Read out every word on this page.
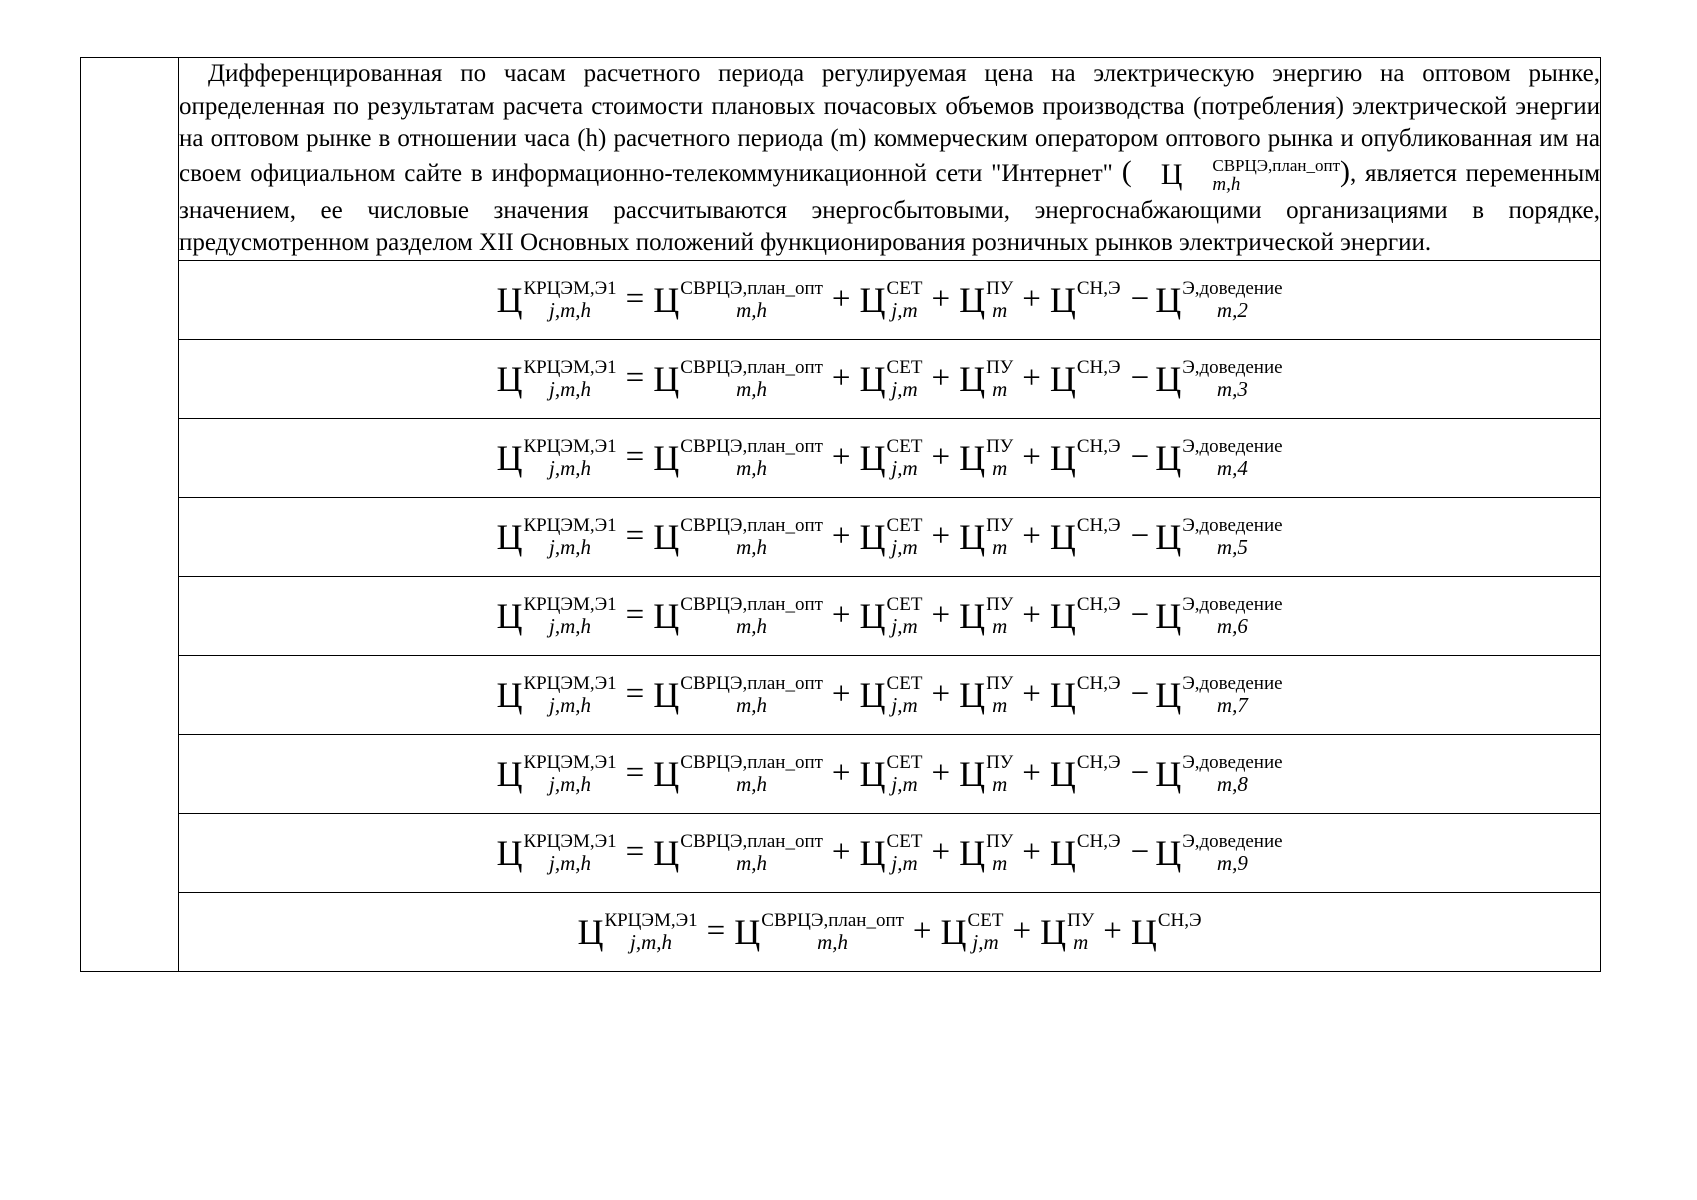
Дифференцированная по часам расчетного периода регулируемая цена на электрическую энергию на оптовом рынке, определенная по результатам расчета стоимости плановых почасовых объемов производства (потребления) электрической энергии на оптовом рынке в отношении часа (h) расчетного периода (m) коммерческим оператором оптового рынка и опубликованная им на своем официальном сайте в информационно-телекоммуникационной сети "Интернет" ( Ц	СВРЦЭ,план_опт
m,h	), является переменным значением, ее числовые значения рассчитываются энергосбытовыми, энергоснабжающими организациями в порядке, предусмотренном разделом XII Основных положений функционирования розничных рынков электрической энергии.

Ц КРЦЭМ,Э1
j,m,h	= Ц СВРЦЭ,план_опт
m,h	+ Ц СЕТ
j,m + Ц ПУ
m + Ц СН,Э
− Ц Э,доведение
m,2

Ц КРЦЭМ,Э1
j,m,h	= Ц СВРЦЭ,план_опт
m,h	+ Ц СЕТ
j,m + Ц ПУ
m + Ц СН,Э
− Ц Э,доведение
m,3

Ц КРЦЭМ,Э1
j,m,h	= Ц СВРЦЭ,план_опт
m,h	+ Ц СЕТ
j,m + Ц ПУ
m + Ц СН,Э
− Ц Э,доведение
m,4

Ц КРЦЭМ,Э1
j,m,h	= Ц СВРЦЭ,план_опт
m,h	+ Ц СЕТ
j,m + Ц ПУ
m + Ц СН,Э
− Ц Э,доведение
m,5

Ц КРЦЭМ,Э1
j,m,h	= Ц СВРЦЭ,план_опт
m,h	+ Ц СЕТ
j,m + Ц ПУ
m + Ц СН,Э
− Ц Э,доведение
m,6

Ц КРЦЭМ,Э1
j,m,h	= Ц СВРЦЭ,план_опт
m,h	+ Ц СЕТ
j,m + Ц ПУ
m + Ц СН,Э
− Ц Э,доведение
m,7

Ц КРЦЭМ,Э1
j,m,h	= Ц СВРЦЭ,план_опт
m,h	+ Ц СЕТ
j,m + Ц ПУ
m + Ц СН,Э
− Ц Э,доведение
m,8

Ц КРЦЭМ,Э1
j,m,h	= Ц СВРЦЭ,план_опт
m,h	+ Ц СЕТ
j,m + Ц ПУ
m + Ц СН,Э
− Ц Э,доведение
m,9

Ц КРЦЭМ,Э1
j,m,h	= Ц СВРЦЭ,план_опт
m,h	+ Ц СЕТ
j,m + Ц ПУ
m + Ц СН,Э
